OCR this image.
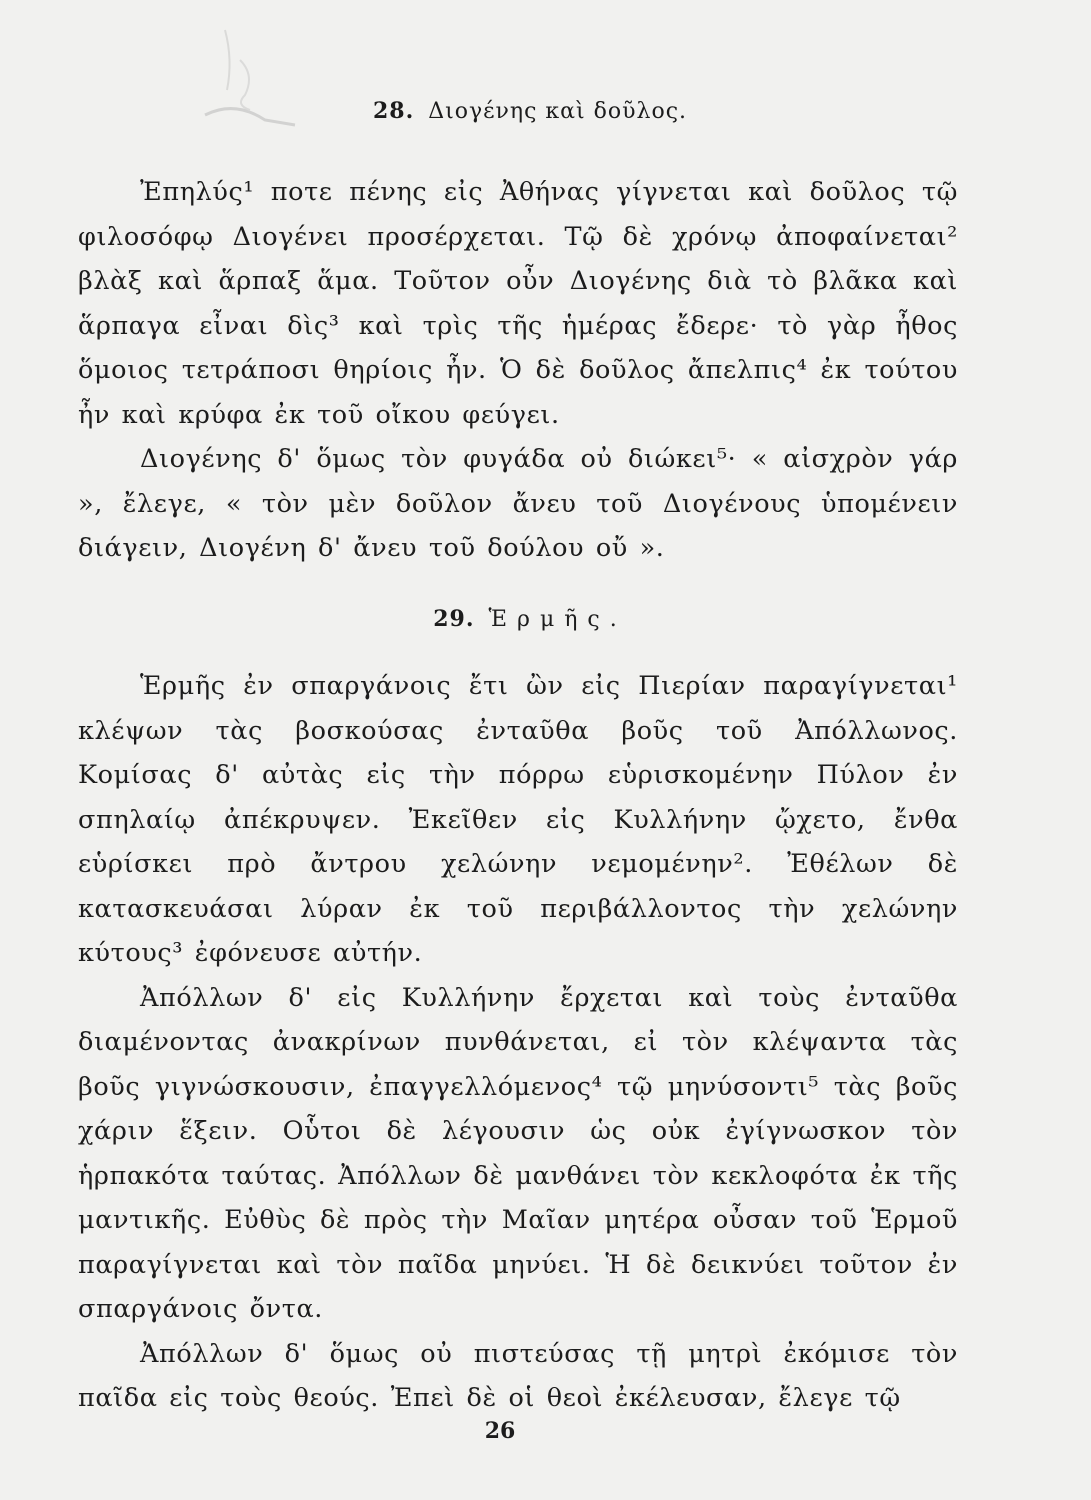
28. Διογένης καὶ δοῦλος.

Ἐπηλύς¹ ποτε πένης εἰς Ἀθήνας γίγνεται καὶ δοῦλος τῷ φιλοσόφῳ Διογένει προσέρχεται. Τῷ δὲ χρόνῳ ἀποφαίνεται² βλὰξ καὶ ἅρπαξ ἅμα. Τοῦτον οὖν Διογένης διὰ τὸ βλᾶκα καὶ ἅρπαγα εἶναι δὶς³ καὶ τρὶς τῆς ἡμέρας ἔδερε· τὸ γὰρ ἦθος ὅμοιος τετράποσι θηρίοις ἦν. Ὁ δὲ δοῦλος ἄπελπις⁴ ἐκ τούτου ἦν καὶ κρύφα ἐκ τοῦ οἴκου φεύγει.

Διογένης δ' ὅμως τὸν φυγάδα οὐ διώκει⁵· « αἰσχρὸν γάρ », ἔλεγε, « τὸν μὲν δοῦλον ἄνευ τοῦ Διογένους ὑπομένειν διάγειν, Διογένη δ' ἄνευ τοῦ δούλου οὔ ».

29. Ἑρμῆς.

Ἑρμῆς ἐν σπαργάνοις ἔτι ὢν εἰς Πιερίαν παραγίγνεται¹ κλέψων τὰς βοσκούσας ἐνταῦθα βοῦς τοῦ Ἀπόλλωνος. Κομίσας δ' αὐτὰς εἰς τὴν πόρρω εὑρισκομένην Πύλον ἐν σπηλαίῳ ἀπέκρυψεν. Ἐκεῖθεν εἰς Κυλλήνην ᾤχετο, ἔνθα εὑρίσκει πρὸ ἄντρου χελώνην νεμομένην². Ἐθέλων δὲ κατασκευάσαι λύραν ἐκ τοῦ περιβάλλοντος τὴν χελώνην κύτους³ ἐφόνευσε αὐτήν.

Ἀπόλλων δ' εἰς Κυλλήνην ἔρχεται καὶ τοὺς ἐνταῦθα διαμένοντας ἀνακρίνων πυνθάνεται, εἰ τὸν κλέψαντα τὰς βοῦς γιγνώσκουσιν, ἐπαγγελλόμενος⁴ τῷ μηνύσοντι⁵ τὰς βοῦς χάριν ἕξειν. Οὗτοι δὲ λέγουσιν ὡς οὐκ ἐγίγνωσκον τὸν ἡρπακότα ταύτας. Ἀπόλλων δὲ μανθάνει τὸν κεκλοφότα ἐκ τῆς μαντικῆς. Εὐθὺς δὲ πρὸς τὴν Μαῖαν μητέρα οὖσαν τοῦ Ἑρμοῦ παραγίγνεται καὶ τὸν παῖδα μηνύει. Ἡ δὲ δεικνύει τοῦτον ἐν σπαργάνοις ὄντα.

Ἀπόλλων δ' ὅμως οὐ πιστεύσας τῇ μητρὶ ἐκόμισε τὸν παῖδα εἰς τοὺς θεούς. Ἐπεὶ δὲ οἱ θεοὶ ἐκέλευσαν, ἔλεγε τῷ

26
